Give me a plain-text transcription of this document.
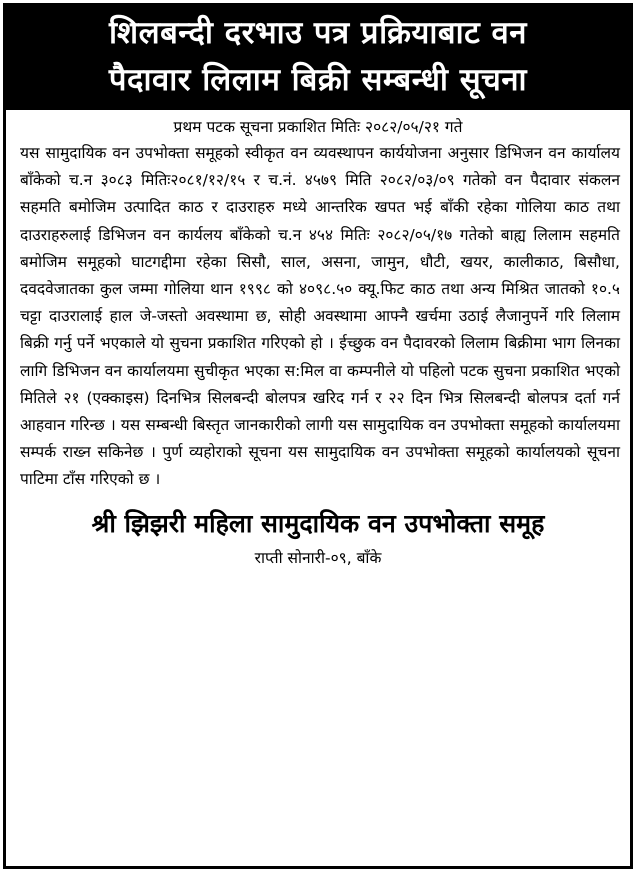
शिलबन्दी दरभाउ पत्र प्रक्रियाबाट वन
पैदावार लिलाम बिक्री सम्बन्धी सूचना
प्रथम पटक सूचना प्रकाशित मितिः २०८२/०५/२१ गते
यस सामुदायिक वन उपभोक्ता समूहको स्वीकृत वन व्यवस्थापन कार्ययोजना अनुसार डिभिजन वन कार्यालय बाँकेको च.न ३०८३ मितिः२०८१/१२/१५ र च.नं. ४५७९ मिति २०८२/०३/०९ गतेको वन पैदावार संकलन सहमति बमोजिम उत्पादित काठ र दाउराहरु मध्ये आन्तरिक खपत भई बाँकी रहेका गोलिया काठ तथा दाउराहरुलाई डिभिजन वन कार्यलय बाँकेको च.न ४५४ मितिः २०८२/०५/१७ गतेको बाह्य लिलाम सहमति बमोजिम समूहको घाटगद्दीमा रहेका सिसौ, साल, असना, जामुन, धौटी, खयर, कालीकाठ, बिसौधा, दवदवेजातका कुल जम्मा गोलिया थान १९९८ को ४०९८.५० क्यू.फिट काठ तथा अन्य मिश्रित जातको १०.५ चट्टा दाउरालाई हाल जे-जस्तो अवस्थामा छ, सोही अवस्थामा आफ्नै खर्चमा उठाई लैजानुपर्ने गरि लिलाम बिक्री गर्नु पर्ने भएकाले यो सुचना प्रकाशित गरिएको हो । ईच्छुक वन पैदावरको लिलाम बिक्रीमा भाग लिनका लागि डिभिजन वन कार्यालयमा सुचीकृत भएका स:मिल वा कम्पनीले यो पहिलो पटक सुचना प्रकाशित भएको मितिले २१ (एक्काइस) दिनभित्र सिलबन्दी बोलपत्र खरिद गर्न र २२ दिन भित्र सिलबन्दी बोलपत्र दर्ता गर्न आहवान गरिन्छ । यस सम्बन्धी बिस्तृत जानकारीको लागी यस सामुदायिक वन उपभोक्ता समूहको कार्यालयमा सम्पर्क राख्न सकिनेछ । पुर्ण व्यहोराको सूचना यस सामुदायिक वन उपभोक्ता समूहको कार्यालयको सूचना पाटिमा टाँस गरिएको छ ।
श्री झिझरी महिला सामुदायिक वन उपभोक्ता समूह
राप्ती सोनारी-०९, बाँके
